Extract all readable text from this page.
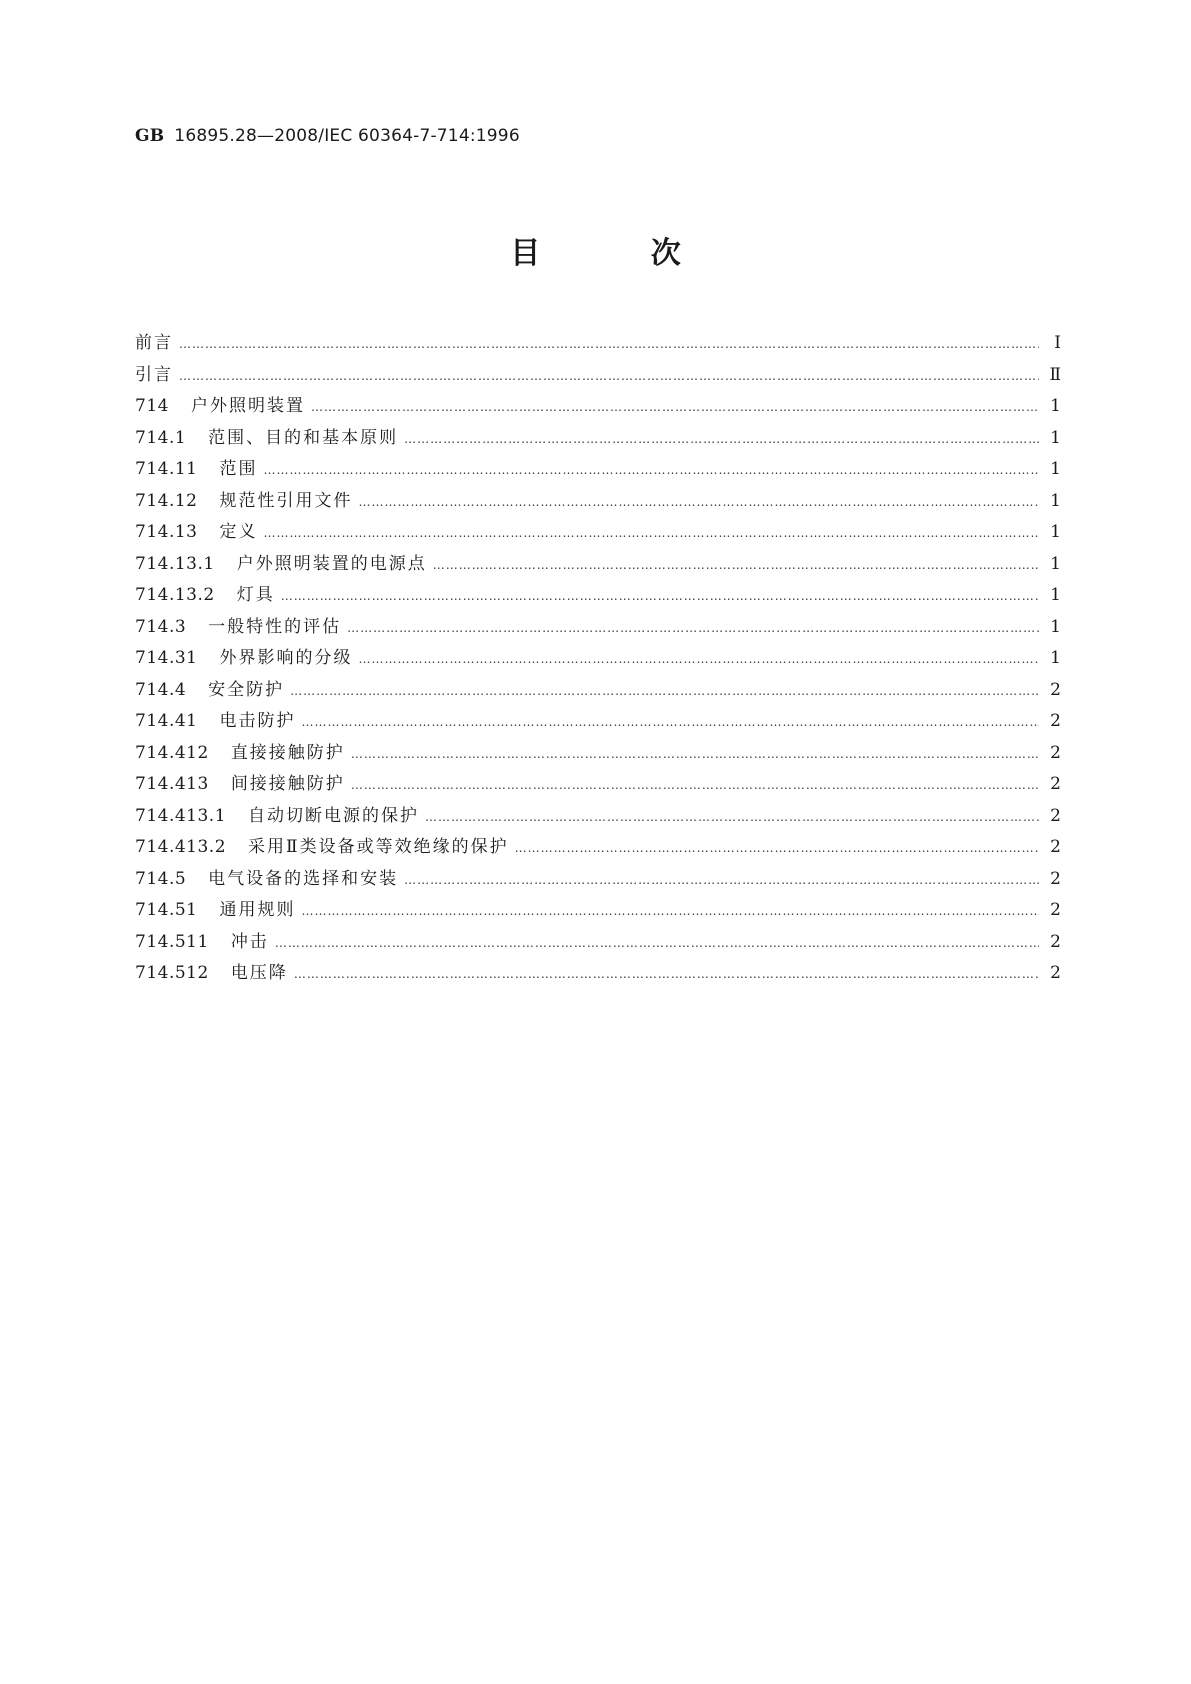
GB 16895.28—2008/IEC 60364-7-714:1996
目 次
前言 …………………………………………………………………………………………………………………………………………………………………………………………………………………………………………	Ⅰ
引言 …………………………………………………………………………………………………………………………………………………………………………………………………………………………………………	Ⅱ
714 户外照明装置 …………………………………………………………………………………………………………………………………………………………………………………………………………………………………………	1
714.1 范围、目的和基本原则 …………………………………………………………………………………………………………………………………………………………………………………………………………………………………………	1
714.11 范围 …………………………………………………………………………………………………………………………………………………………………………………………………………………………………………	1
714.12 规范性引用文件 …………………………………………………………………………………………………………………………………………………………………………………………………………………………………………	1
714.13 定义 …………………………………………………………………………………………………………………………………………………………………………………………………………………………………………	1
714.13.1 户外照明装置的电源点 …………………………………………………………………………………………………………………………………………………………………………………………………………………………………………	1
714.13.2 灯具 …………………………………………………………………………………………………………………………………………………………………………………………………………………………………………	1
714.3 一般特性的评估 …………………………………………………………………………………………………………………………………………………………………………………………………………………………………………	1
714.31 外界影响的分级 …………………………………………………………………………………………………………………………………………………………………………………………………………………………………………	1
714.4 安全防护 …………………………………………………………………………………………………………………………………………………………………………………………………………………………………………	2
714.41 电击防护 …………………………………………………………………………………………………………………………………………………………………………………………………………………………………………	2
714.412 直接接触防护 …………………………………………………………………………………………………………………………………………………………………………………………………………………………………………	2
714.413 间接接触防护 …………………………………………………………………………………………………………………………………………………………………………………………………………………………………………	2
714.413.1 自动切断电源的保护 …………………………………………………………………………………………………………………………………………………………………………………………………………………………………………	2
714.413.2 采用Ⅱ类设备或等效绝缘的保护 …………………………………………………………………………………………………………………………………………………………………………………………………………………………………………	2
714.5 电气设备的选择和安装 …………………………………………………………………………………………………………………………………………………………………………………………………………………………………………	2
714.51 通用规则 …………………………………………………………………………………………………………………………………………………………………………………………………………………………………………	2
714.511 冲击 …………………………………………………………………………………………………………………………………………………………………………………………………………………………………………	2
714.512 电压降 …………………………………………………………………………………………………………………………………………………………………………………………………………………………………………	2
